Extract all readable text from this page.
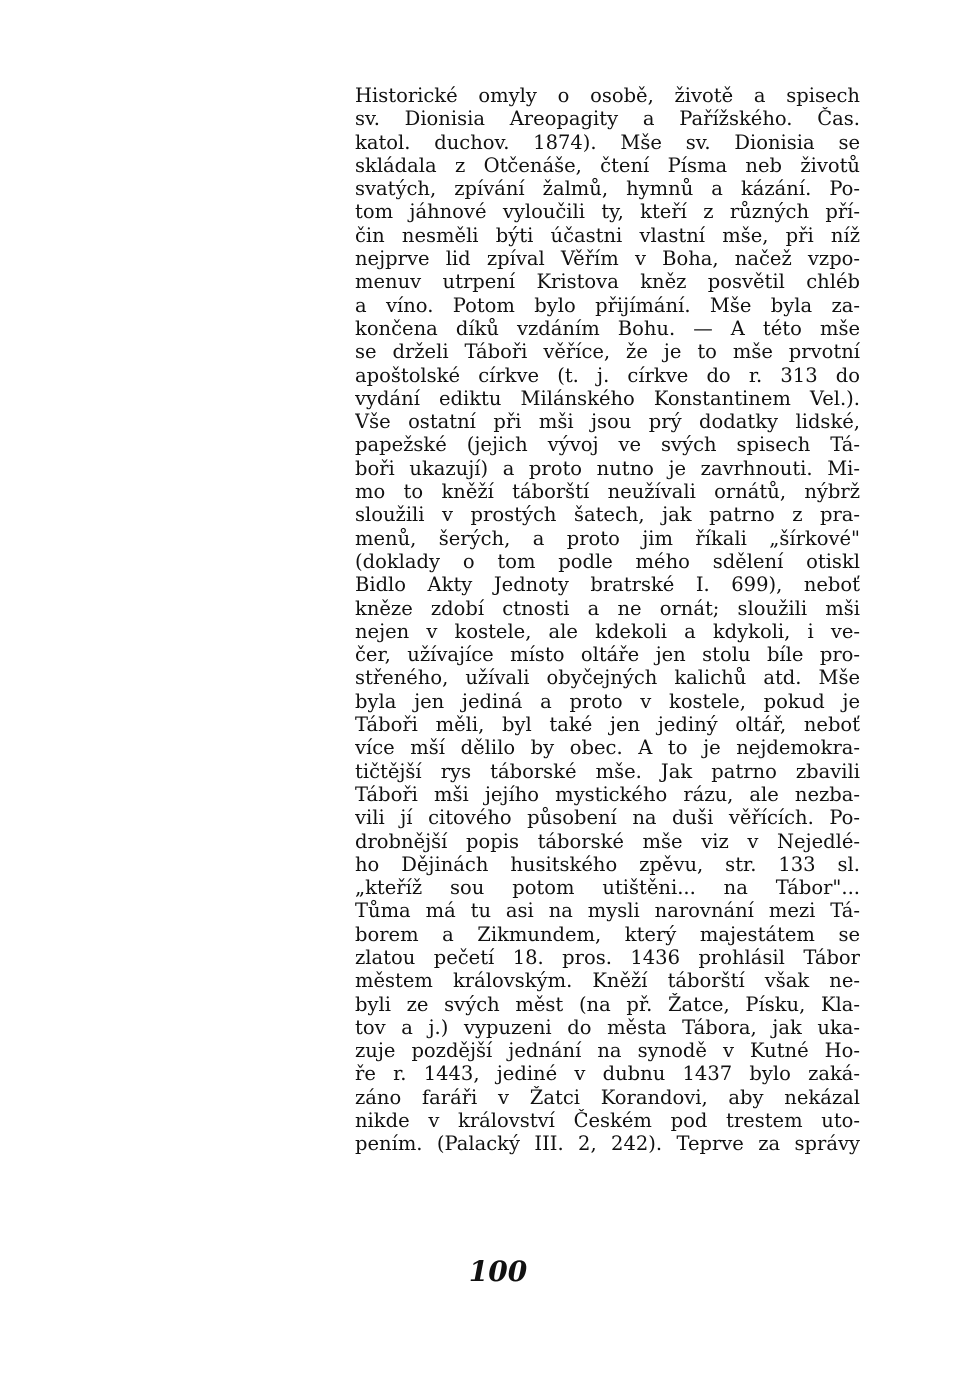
Historické omyly o osobě, životě a spisech
sv. Dionisia Areopagity a Pařížského. Čas.
katol. duchov. 1874). Mše sv. Dionisia se
skládala z Otčenáše, čtení Písma neb životů
svatých, zpívání žalmů, hymnů a kázání. Po-
tom jáhnové vyloučili ty, kteří z různých pří-
čin nesměli býti účastni vlastní mše, při níž
nejprve lid zpíval Věřím v Boha, načež vzpo-
menuv utrpení Kristova kněz posvětil chléb
a víno. Potom bylo přijímání. Mše byla za-
končena díků vzdáním Bohu. — A této mše
se drželi Táboři věříce, že je to mše prvotní
apoštolské církve (t. j. církve do r. 313 do
vydání ediktu Milánského Konstantinem Vel.).
Vše ostatní při mši jsou prý dodatky lidské,
papežské (jejich vývoj ve svých spisech Tá-
boři ukazují) a proto nutno je zavrhnouti. Mi-
mo to kněží táborští neužívali ornátů, nýbrž
sloužili v prostých šatech, jak patrno z pra-
menů, šerých, a proto jim říkali „šírkové"
(doklady o tom podle mého sdělení otiskl
Bidlo Akty Jednoty bratrské I. 699), neboť
kněze zdobí ctnosti a ne ornát; sloužili mši
nejen v kostele, ale kdekoli a kdykoli, i ve-
čer, užívajíce místo oltáře jen stolu bíle pro-
střeného, užívali obyčejných kalichů atd. Mše
byla jen jediná a proto v kostele, pokud je
Táboři měli, byl také jen jediný oltář, neboť
více mší dělilo by obec. A to je nejdemokra-
tičtější rys táborské mše. Jak patrno zbavili
Táboři mši jejího mystického rázu, ale nezba-
vili jí citového působení na duši věřících. Po-
drobnější popis táborské mše viz v Nejedlé-
ho Dějinách husitského zpěvu, str. 133 sl.
„kteříž sou potom utištěni... na Tábor"...
Tůma má tu asi na mysli narovnání mezi Tá-
borem a Zikmundem, který majestátem se
zlatou pečetí 18. pros. 1436 prohlásil Tábor
městem královským. Kněží táborští však ne-
byli ze svých měst (na př. Žatce, Písku, Kla-
tov a j.) vypuzeni do města Tábora, jak uka-
zuje pozdější jednání na synodě v Kutné Ho-
ře r. 1443, jediné v dubnu 1437 bylo zaká-
záno faráři v Žatci Korandovi, aby nekázal
nikde v království Českém pod trestem uto-
pením. (Palacký III. 2, 242). Teprve za správy
100
